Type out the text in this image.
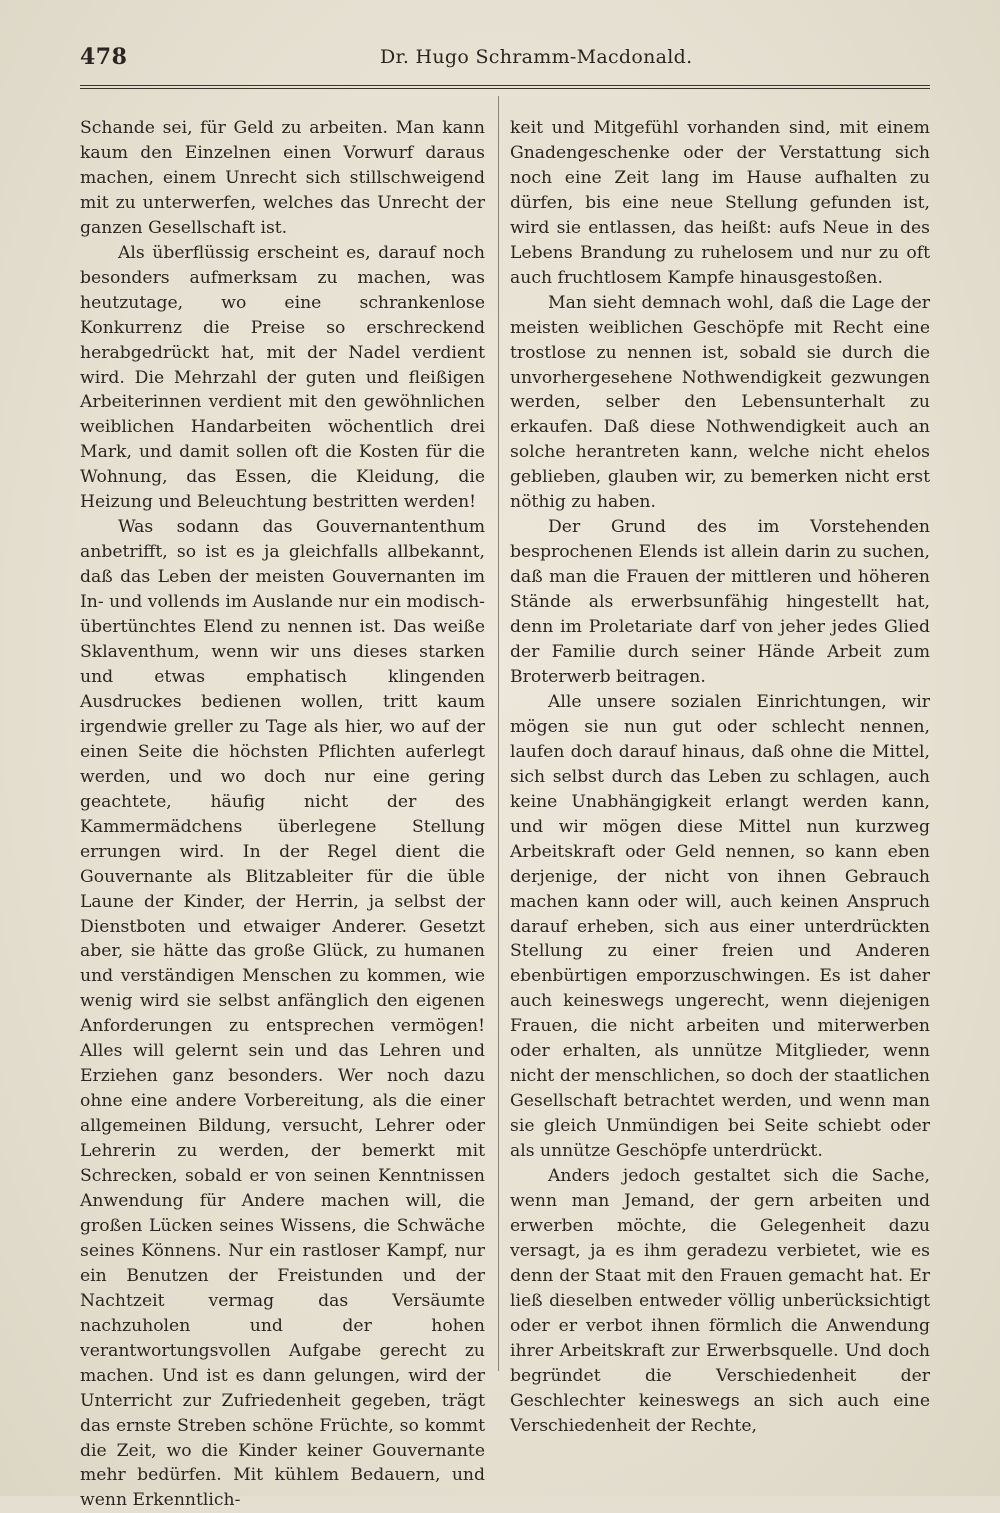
478	Dr. Hugo Schramm-Macdonald.

Schande sei, für Geld zu arbeiten. Man kann kaum den Einzelnen einen Vorwurf daraus machen, einem Unrecht sich stillschweigend mit zu unterwerfen, welches das Unrecht der ganzen Gesellschaft ist.

Als überflüssig erscheint es, darauf noch besonders aufmerksam zu machen, was heutzutage, wo eine schrankenlose Konkurrenz die Preise so erschreckend herabgedrückt hat, mit der Nadel verdient wird. Die Mehrzahl der guten und fleißigen Arbeiterinnen verdient mit den gewöhnlichen weiblichen Handarbeiten wöchentlich drei Mark, und damit sollen oft die Kosten für die Wohnung, das Essen, die Kleidung, die Heizung und Beleuchtung bestritten werden!

Was sodann das Gouvernantenthum anbetrifft, so ist es ja gleichfalls allbekannt, daß das Leben der meisten Gouvernanten im In- und vollends im Auslande nur ein modisch-übertünchtes Elend zu nennen ist. Das weiße Sklaventhum, wenn wir uns dieses starken und etwas emphatisch klingenden Ausdruckes bedienen wollen, tritt kaum irgendwie greller zu Tage als hier, wo auf der einen Seite die höchsten Pflichten auferlegt werden, und wo doch nur eine gering geachtete, häufig nicht der des Kammermädchens überlegene Stellung errungen wird. In der Regel dient die Gouvernante als Blitzableiter für die üble Laune der Kinder, der Herrin, ja selbst der Dienstboten und etwaiger Anderer. Gesetzt aber, sie hätte das große Glück, zu humanen und verständigen Menschen zu kommen, wie wenig wird sie selbst anfänglich den eigenen Anforderungen zu entsprechen vermögen! Alles will gelernt sein und das Lehren und Erziehen ganz besonders. Wer noch dazu ohne eine andere Vorbereitung, als die einer allgemeinen Bildung, versucht, Lehrer oder Lehrerin zu werden, der bemerkt mit Schrecken, sobald er von seinen Kenntnissen Anwendung für Andere machen will, die großen Lücken seines Wissens, die Schwäche seines Könnens. Nur ein rastloser Kampf, nur ein Benutzen der Freistunden und der Nachtzeit vermag das Versäumte nachzuholen und der hohen verantwortungsvollen Aufgabe gerecht zu machen. Und ist es dann gelungen, wird der Unterricht zur Zufriedenheit gegeben, trägt das ernste Streben schöne Früchte, so kommt die Zeit, wo die Kinder keiner Gouvernante mehr bedürfen. Mit kühlem Bedauern, und wenn Erkenntlich-

keit und Mitgefühl vorhanden sind, mit einem Gnadengeschenke oder der Verstattung sich noch eine Zeit lang im Hause aufhalten zu dürfen, bis eine neue Stellung gefunden ist, wird sie entlassen, das heißt: aufs Neue in des Lebens Brandung zu ruhelosem und nur zu oft auch fruchtlosem Kampfe hinausgestoßen.

Man sieht demnach wohl, daß die Lage der meisten weiblichen Geschöpfe mit Recht eine trostlose zu nennen ist, sobald sie durch die unvorhergesehene Nothwendigkeit gezwungen werden, selber den Lebensunterhalt zu erkaufen. Daß diese Nothwendigkeit auch an solche herantreten kann, welche nicht ehelos geblieben, glauben wir, zu bemerken nicht erst nöthig zu haben.

Der Grund des im Vorstehenden besprochenen Elends ist allein darin zu suchen, daß man die Frauen der mittleren und höheren Stände als erwerbsunfähig hingestellt hat, denn im Proletariate darf von jeher jedes Glied der Familie durch seiner Hände Arbeit zum Broterwerb beitragen.

Alle unsere sozialen Einrichtungen, wir mögen sie nun gut oder schlecht nennen, laufen doch darauf hinaus, daß ohne die Mittel, sich selbst durch das Leben zu schlagen, auch keine Unabhängigkeit erlangt werden kann, und wir mögen diese Mittel nun kurzweg Arbeitskraft oder Geld nennen, so kann eben derjenige, der nicht von ihnen Gebrauch machen kann oder will, auch keinen Anspruch darauf erheben, sich aus einer unterdrückten Stellung zu einer freien und Anderen ebenbürtigen emporzuschwingen. Es ist daher auch keineswegs ungerecht, wenn diejenigen Frauen, die nicht arbeiten und miterwerben oder erhalten, als unnütze Mitglieder, wenn nicht der menschlichen, so doch der staatlichen Gesellschaft betrachtet werden, und wenn man sie gleich Unmündigen bei Seite schiebt oder als unnütze Geschöpfe unterdrückt.

Anders jedoch gestaltet sich die Sache, wenn man Jemand, der gern arbeiten und erwerben möchte, die Gelegenheit dazu versagt, ja es ihm geradezu verbietet, wie es denn der Staat mit den Frauen gemacht hat. Er ließ dieselben entweder völlig unberücksichtigt oder er verbot ihnen förmlich die Anwendung ihrer Arbeitskraft zur Erwerbsquelle. Und doch begründet die Verschiedenheit der Geschlechter keineswegs an sich auch eine Verschiedenheit der Rechte,
